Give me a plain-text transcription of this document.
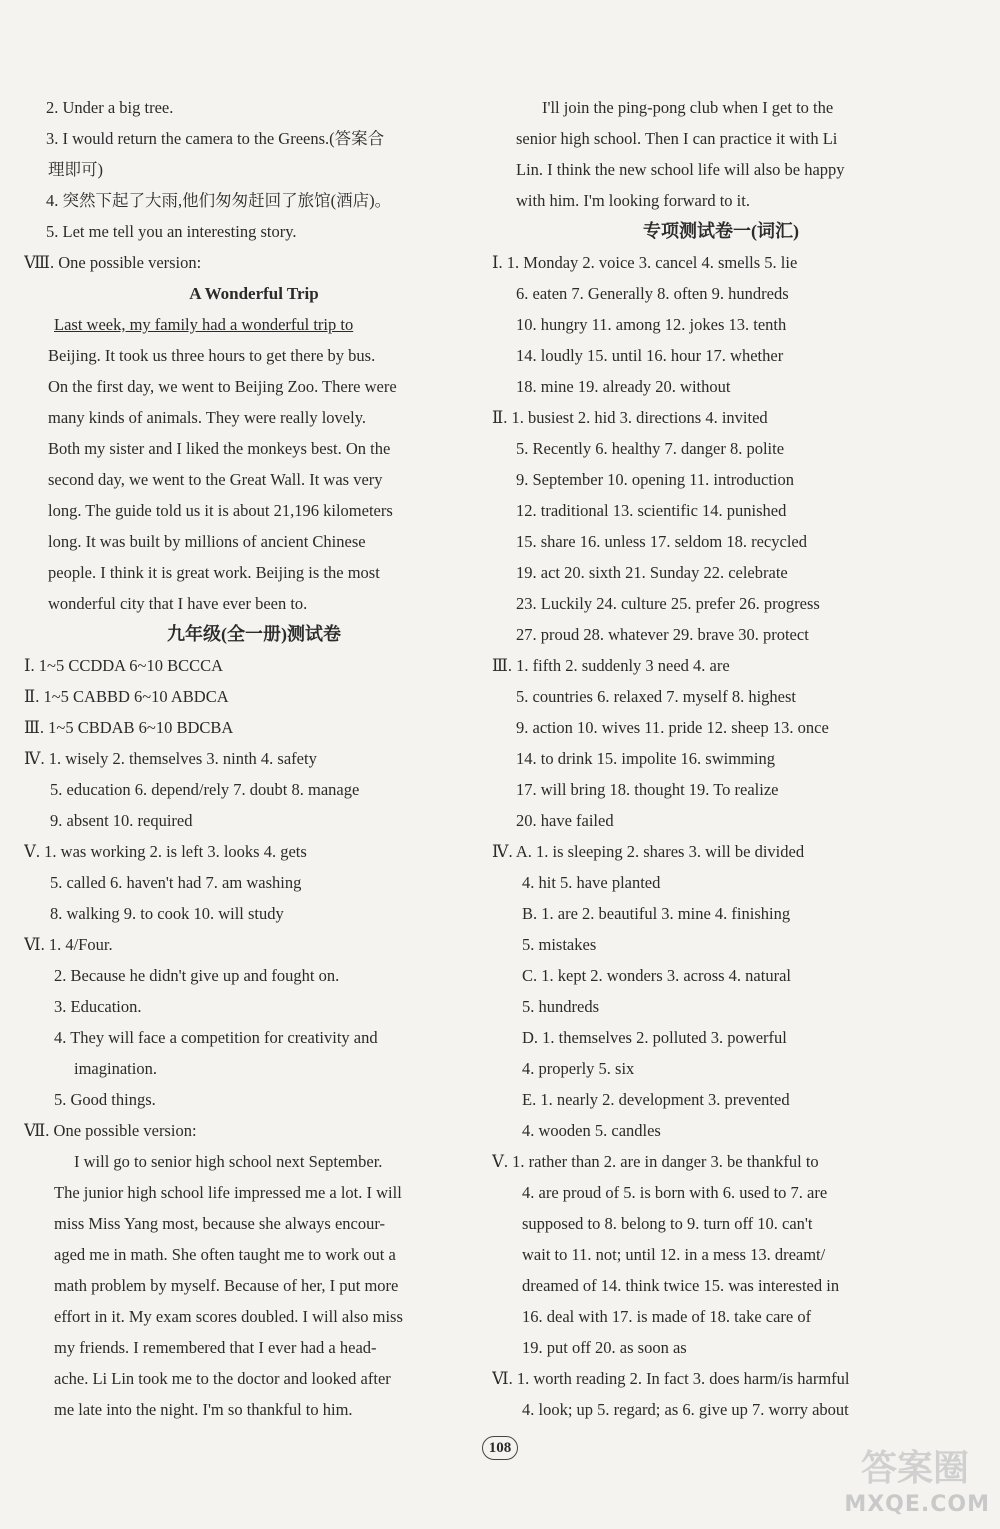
2. Under a big tree.
3. I would return the camera to the Greens.(答案合
理即可)
4. 突然下起了大雨,他们匆匆赶回了旅馆(酒店)。
5. Let me tell you an interesting story.
Ⅷ. One possible version:
A Wonderful Trip
Last week, my family had a wonderful trip to
Beijing. It took us three hours to get there by bus.
On the first day, we went to Beijing Zoo. There were
many kinds of animals. They were really lovely.
Both my sister and I liked the monkeys best. On the
second day, we went to the Great Wall. It was very
long. The guide told us it is about 21,196 kilometers
long. It was built by millions of ancient Chinese
people. I think it is great work. Beijing is the most
wonderful city that I have ever been to.
九年级(全一册)测试卷
Ⅰ. 1~5 CCDDA 6~10 BCCCA
Ⅱ. 1~5 CABBD 6~10 ABDCA
Ⅲ. 1~5 CBDAB 6~10 BDCBA
Ⅳ. 1. wisely 2. themselves 3. ninth 4. safety
5. education 6. depend/rely 7. doubt 8. manage
9. absent 10. required
Ⅴ. 1. was working 2. is left 3. looks 4. gets
5. called 6. haven't had 7. am washing
8. walking 9. to cook 10. will study
Ⅵ. 1. 4/Four.
2. Because he didn't give up and fought on.
3. Education.
4. They will face a competition for creativity and
imagination.
5. Good things.
Ⅶ. One possible version:
I will go to senior high school next September.
The junior high school life impressed me a lot. I will
miss Miss Yang most, because she always encour-
aged me in math. She often taught me to work out a
math problem by myself. Because of her, I put more
effort in it. My exam scores doubled. I will also miss
my friends. I remembered that I ever had a head-
ache. Li Lin took me to the doctor and looked after
me late into the night. I'm so thankful to him.
I'll join the ping-pong club when I get to the
senior high school. Then I can practice it with Li
Lin. I think the new school life will also be happy
with him. I'm looking forward to it.
专项测试卷一(词汇)
Ⅰ. 1. Monday 2. voice 3. cancel 4. smells 5. lie
6. eaten 7. Generally 8. often 9. hundreds
10. hungry 11. among 12. jokes 13. tenth
14. loudly 15. until 16. hour 17. whether
18. mine 19. already 20. without
Ⅱ. 1. busiest 2. hid 3. directions 4. invited
5. Recently 6. healthy 7. danger 8. polite
9. September 10. opening 11. introduction
12. traditional 13. scientific 14. punished
15. share 16. unless 17. seldom 18. recycled
19. act 20. sixth 21. Sunday 22. celebrate
23. Luckily 24. culture 25. prefer 26. progress
27. proud 28. whatever 29. brave 30. protect
Ⅲ. 1. fifth 2. suddenly 3 need 4. are
5. countries 6. relaxed 7. myself 8. highest
9. action 10. wives 11. pride 12. sheep 13. once
14. to drink 15. impolite 16. swimming
17. will bring 18. thought 19. To realize
20. have failed
Ⅳ. A. 1. is sleeping 2. shares 3. will be divided
4. hit 5. have planted
B. 1. are 2. beautiful 3. mine 4. finishing
5. mistakes
C. 1. kept 2. wonders 3. across 4. natural
5. hundreds
D. 1. themselves 2. polluted 3. powerful
4. properly 5. six
E. 1. nearly 2. development 3. prevented
4. wooden 5. candles
Ⅴ. 1. rather than 2. are in danger 3. be thankful to
4. are proud of 5. is born with 6. used to 7. are
supposed to 8. belong to 9. turn off 10. can't
wait to 11. not; until 12. in a mess 13. dreamt/
dreamed of 14. think twice 15. was interested in
16. deal with 17. is made of 18. take care of
19. put off 20. as soon as
Ⅵ. 1. worth reading 2. In fact 3. does harm/is harmful
4. look; up 5. regard; as 6. give up 7. worry about
108	答案圈
MXQE.COM
